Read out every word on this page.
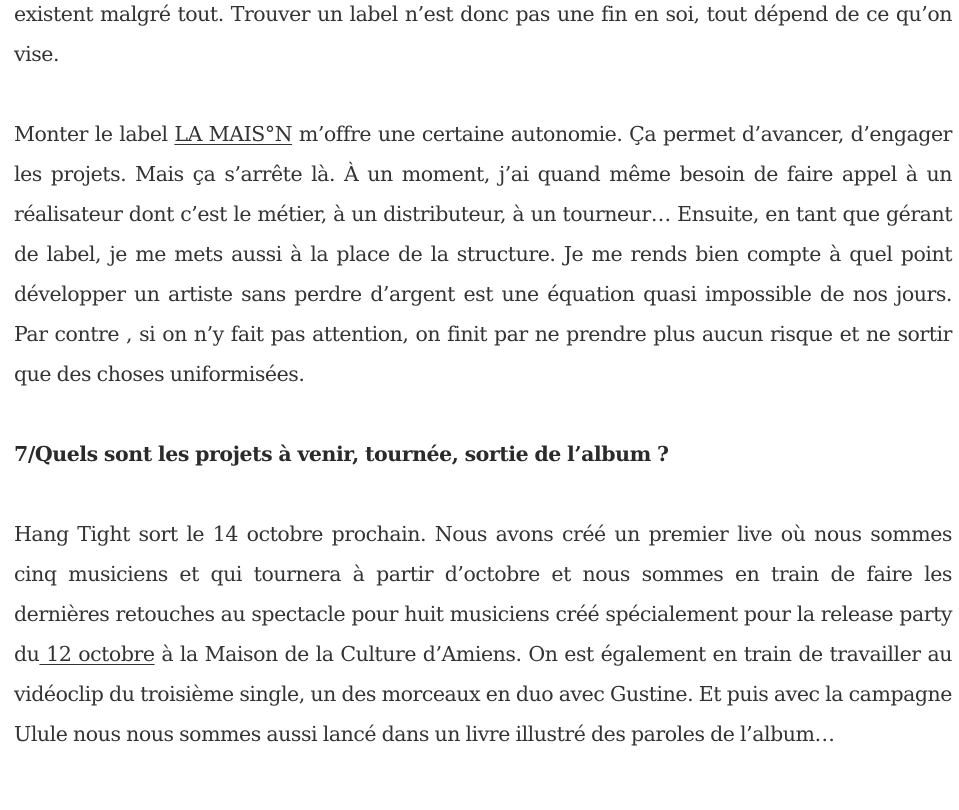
existent malgré tout. Trouver un label n’est donc pas une fin en soi, tout dépend de ce qu’on vise.

Monter le label LA MAIS°N m’offre une certaine autonomie. Ça permet d’avancer, d’engager les projets. Mais ça s’arrête là. À un moment, j’ai quand même besoin de faire appel à un réalisateur dont c’est le métier, à un distributeur, à un tourneur… Ensuite, en tant que gérant de label, je me mets aussi à la place de la structure. Je me rends bien compte à quel point développer un artiste sans perdre d’argent est une équation quasi impossible de nos jours. Par contre , si on n’y fait pas attention, on finit par ne prendre plus aucun risque et ne sortir que des choses uniformisées.

7/Quels sont les projets à venir, tournée, sortie de l’album ?

Hang Tight sort le 14 octobre prochain. Nous avons créé un premier live où nous sommes cinq musiciens et qui tournera à partir d’octobre et nous sommes en train de faire les dernières retouches au spectacle pour huit musiciens créé spécialement pour la release party du 12 octobre à la Maison de la Culture d’Amiens. On est également en train de travailler au vidéoclip du troisième single, un des morceaux en duo avec Gustine. Et puis avec la campagne Ulule nous nous sommes aussi lancé dans un livre illustré des paroles de l’album…
